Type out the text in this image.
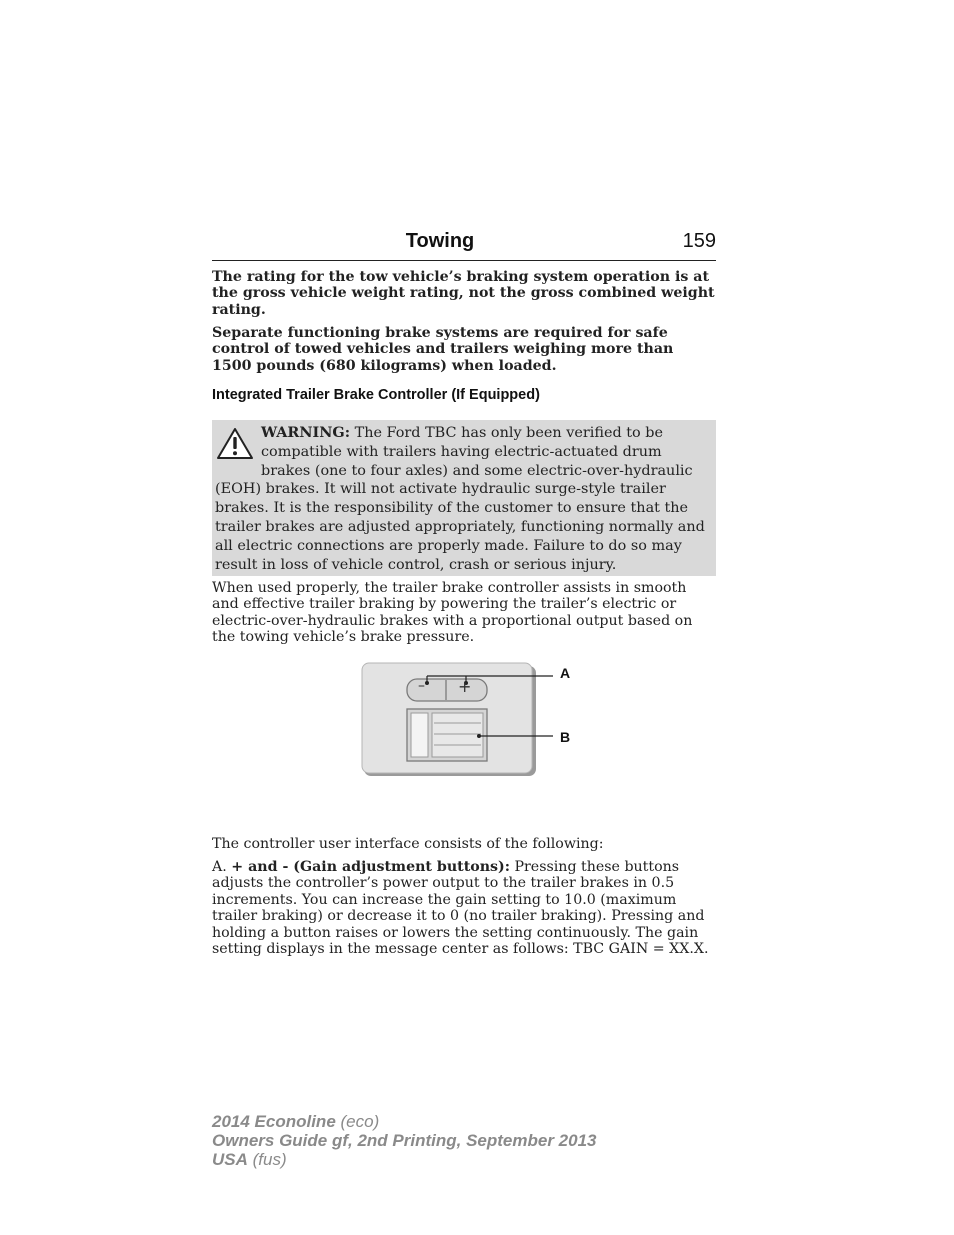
Towing	159

The rating for the tow vehicle’s braking system operation is at the gross vehicle weight rating, not the gross combined weight rating.

Separate functioning brake systems are required for safe control of towed vehicles and trailers weighing more than 1500 pounds (680 kilograms) when loaded.

Integrated Trailer Brake Controller (If Equipped)
WARNING: The Ford TBC has only been verified to be compatible with trailers having electric-actuated drum brakes (one to four axles) and some electric-over-hydraulic (EOH) brakes. It will not activate hydraulic surge-style trailer brakes. It is the responsibility of the customer to ensure that the trailer brakes are adjusted appropriately, functioning normally and all electric connections are properly made. Failure to do so may result in loss of vehicle control, crash or serious injury.

When used properly, the trailer brake controller assists in smooth and effective trailer braking by powering the trailer’s electric or electric-over-hydraulic brakes with a proportional output based on the towing vehicle’s brake pressure.

– +
A
B

The controller user interface consists of the following:

A. + and - (Gain adjustment buttons): Pressing these buttons adjusts the controller’s power output to the trailer brakes in 0.5 increments. You can increase the gain setting to 10.0 (maximum trailer braking) or decrease it to 0 (no trailer braking). Pressing and holding a button raises or lowers the setting continuously. The gain setting displays in the message center as follows: TBC GAIN = XX.X.

2014 Econoline (eco)
Owners Guide gf, 2nd Printing, September 2013
USA (fus)
